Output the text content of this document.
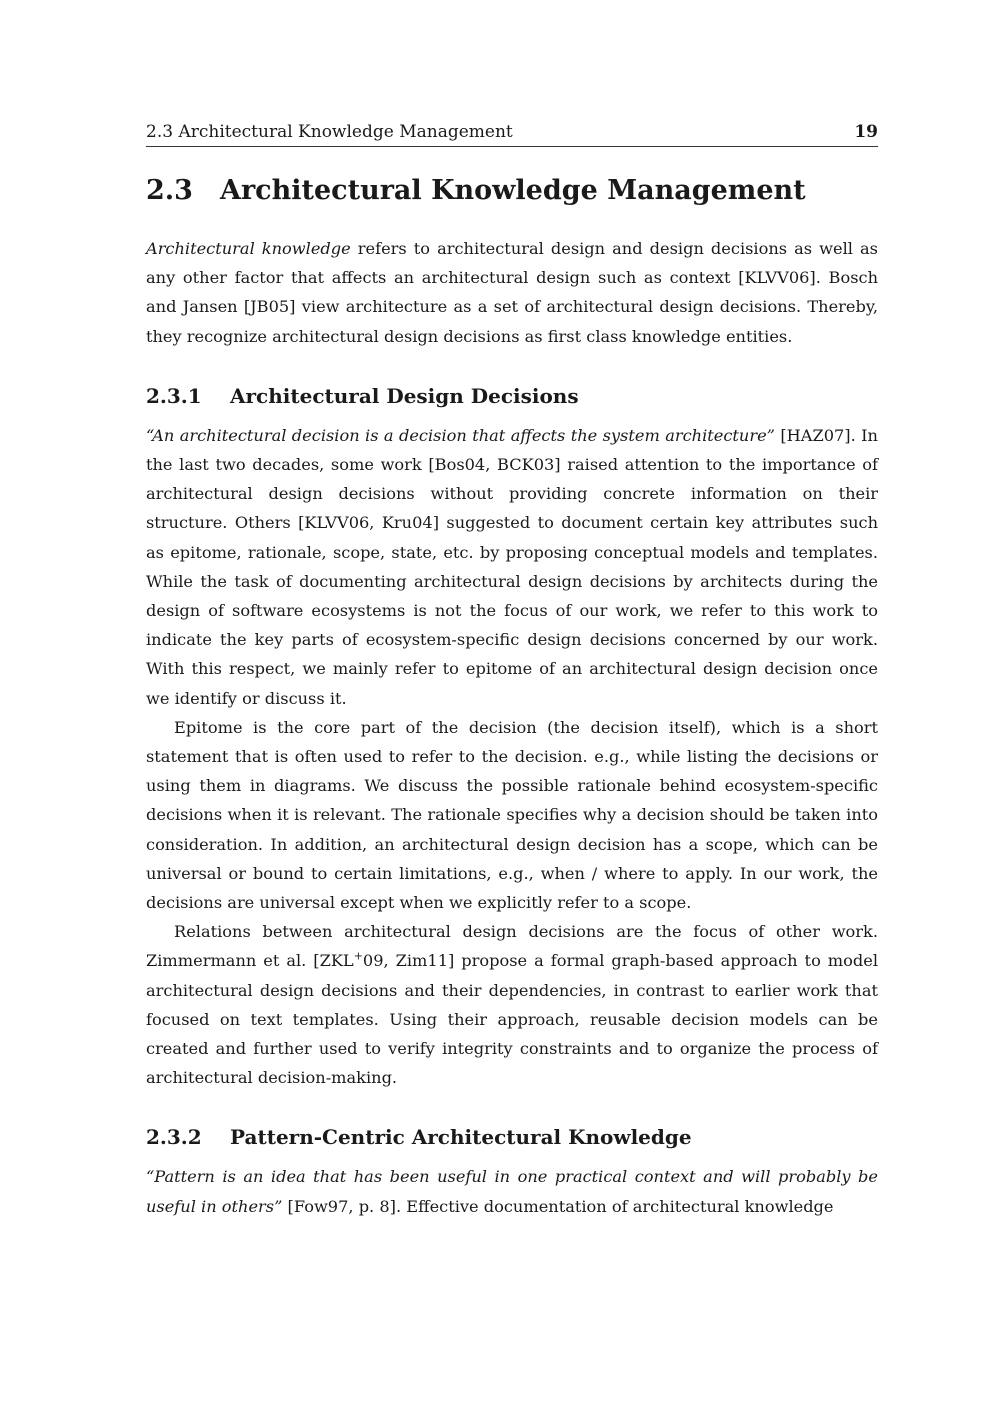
2.3 Architectural Knowledge Management	19
2.3	Architectural Knowledge Management

Architectural knowledge refers to architectural design and design decisions as well as any other factor that affects an architectural design such as context [KLVV06]. Bosch and Jansen [JB05] view architecture as a set of architectural design decisions. Thereby, they recognize architectural design decisions as first class knowledge entities.

2.3.1	Architectural Design Decisions

“An architectural decision is a decision that affects the system architecture” [HAZ07]. In the last two decades, some work [Bos04, BCK03] raised attention to the importance of architectural design decisions without providing concrete information on their structure. Others [KLVV06, Kru04] suggested to document certain key attributes such as epitome, rationale, scope, state, etc. by proposing conceptual models and templates. While the task of documenting architectural design decisions by architects during the design of software ecosystems is not the focus of our work, we refer to this work to indicate the key parts of ecosystem-specific design decisions concerned by our work. With this respect, we mainly refer to epitome of an architectural design decision once we identify or discuss it.

Epitome is the core part of the decision (the decision itself), which is a short statement that is often used to refer to the decision. e.g., while listing the decisions or using them in diagrams. We discuss the possible rationale behind ecosystem-specific decisions when it is relevant. The rationale specifies why a decision should be taken into consideration. In addition, an architectural design decision has a scope, which can be universal or bound to certain limitations, e.g., when / where to apply. In our work, the decisions are universal except when we explicitly refer to a scope.

Relations between architectural design decisions are the focus of other work. Zimmermann et al. [ZKL+09, Zim11] propose a formal graph-based approach to model architectural design decisions and their dependencies, in contrast to earlier work that focused on text templates. Using their approach, reusable decision models can be created and further used to verify integrity constraints and to organize the process of architectural decision-making.

2.3.2	Pattern-Centric Architectural Knowledge

“Pattern is an idea that has been useful in one practical context and will probably be useful in others” [Fow97, p. 8]. Effective documentation of architectural knowledge
